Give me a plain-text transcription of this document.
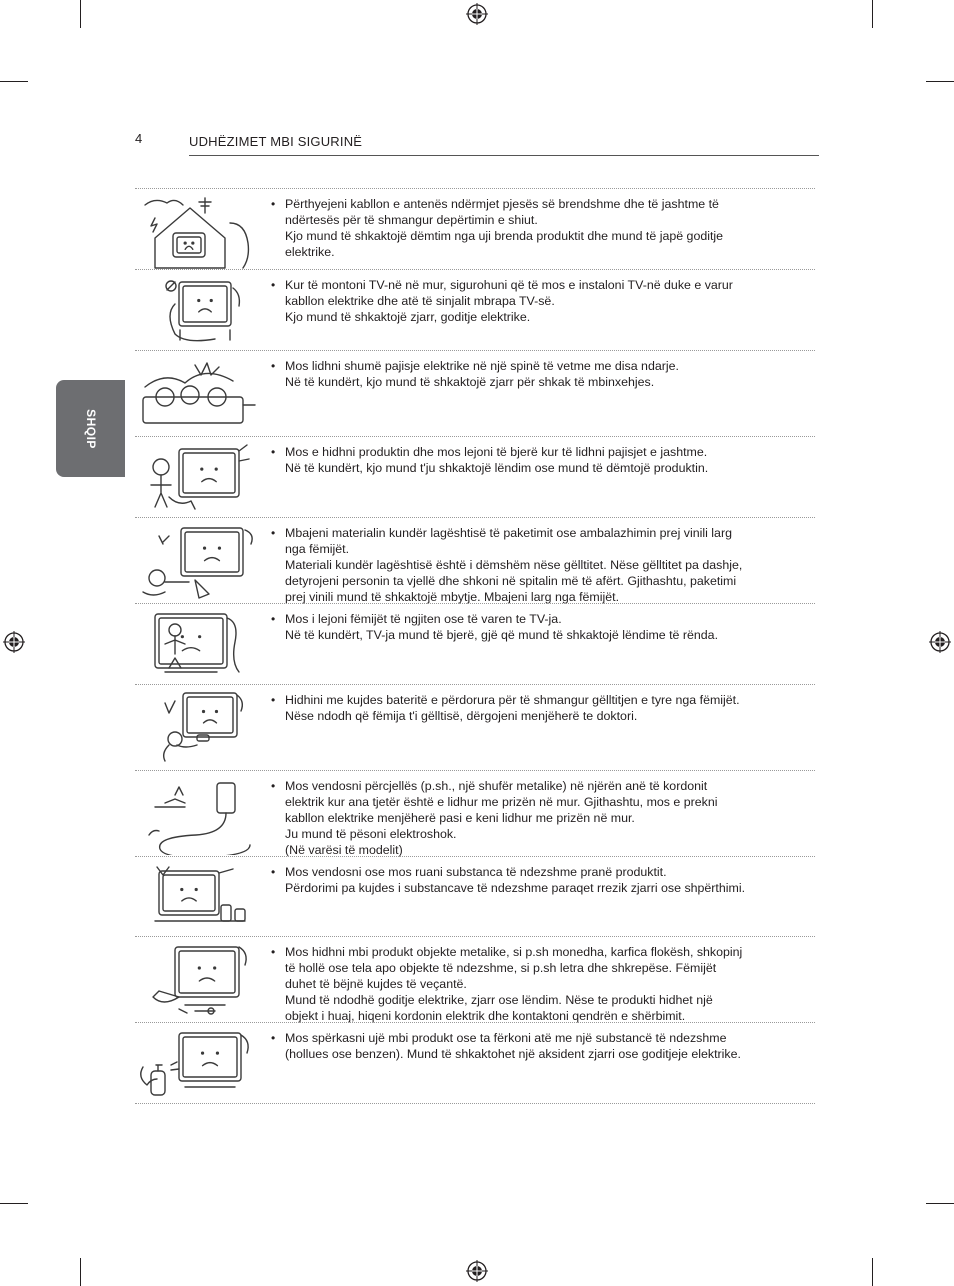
4	UDHËZIMET MBI SIGURINË
SHQIP
• Përthyejeni kabllon e antenës ndërmjet pjesës së brendshme dhe të jashtme të
ndërtesës për të shmangur depërtimin e shiut.
Kjo mund të shkaktojë dëmtim nga uji brenda produktit dhe mund të japë goditje
elektrike.
• Kur të montoni TV-në në mur, sigurohuni që të mos e instaloni TV-në duke e varur
kabllon elektrike dhe atë të sinjalit mbrapa TV-së.
Kjo mund të shkaktojë zjarr, goditje elektrike.
• Mos lidhni shumë pajisje elektrike në një spinë të vetme me disa ndarje.
Në të kundërt, kjo mund të shkaktojë zjarr për shkak të mbinxehjes.
• Mos e hidhni produktin dhe mos lejoni të bjerë kur të lidhni pajisjet e jashtme.
Në të kundërt, kjo mund t'ju shkaktojë lëndim ose mund të dëmtojë produktin.
• Mbajeni materialin kundër lagështisë të paketimit ose ambalazhimin prej vinili larg
nga fëmijët.
Materiali kundër lagështisë është i dëmshëm nëse gëlltitet. Nëse gëlltitet pa dashje,
detyrojeni personin ta vjellë dhe shkoni në spitalin më të afërt. Gjithashtu, paketimi
prej vinili mund të shkaktojë mbytje. Mbajeni larg nga fëmijët.
• Mos i lejoni fëmijët të ngjiten ose të varen te TV-ja.
Në të kundërt, TV-ja mund të bjerë, gjë që mund të shkaktojë lëndime të rënda.
• Hidhini me kujdes bateritë e përdorura për të shmangur gëlltitjen e tyre nga fëmijët.
Nëse ndodh që fëmija t'i gëlltisë, dërgojeni menjëherë te doktori.
• Mos vendosni përcjellës (p.sh., një shufër metalike) në njërën anë të kordonit
elektrik kur ana tjetër është e lidhur me prizën në mur. Gjithashtu, mos e prekni
kabllon elektrike menjëherë pasi e keni lidhur me prizën në mur.
Ju mund të pësoni elektroshok.
(Në varësi të modelit)
• Mos vendosni ose mos ruani substanca të ndezshme pranë produktit.
Përdorimi pa kujdes i substancave të ndezshme paraqet rrezik zjarri ose shpërthimi.
• Mos hidhni mbi produkt objekte metalike, si p.sh monedha, karfica flokësh, shkopinj
të hollë ose tela apo objekte të ndezshme, si p.sh letra dhe shkrepëse. Fëmijët
duhet të bëjnë kujdes të veçantë.
Mund të ndodhë goditje elektrike, zjarr ose lëndim. Nëse te produkti hidhet një
objekt i huaj, hiqeni kordonin elektrik dhe kontaktoni qendrën e shërbimit.
• Mos spërkasni ujë mbi produkt ose ta fërkoni atë me një substancë të ndezshme
(hollues ose benzen). Mund të shkaktohet një aksident zjarri ose goditjeje elektrike.
